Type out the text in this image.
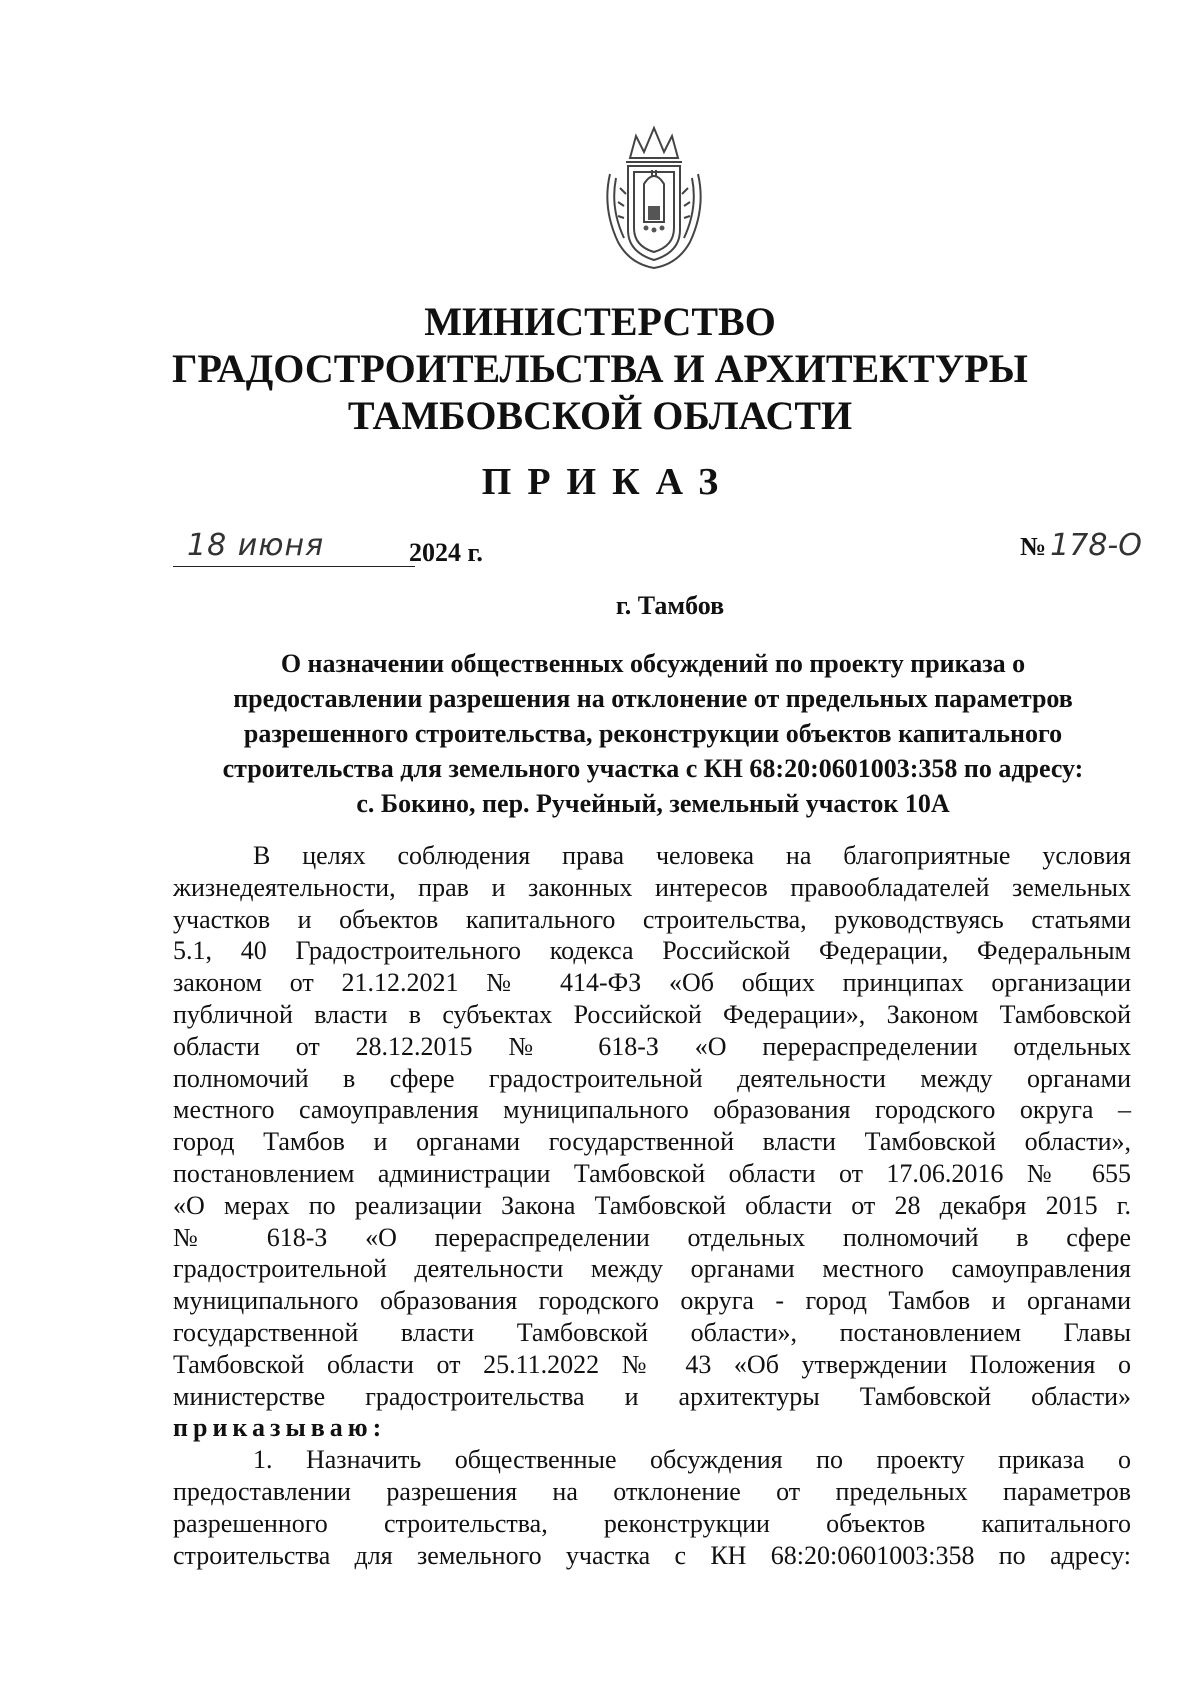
МИНИСТЕРСТВО
ГРАДОСТРОИТЕЛЬСТВА И АРХИТЕКТУРЫ
ТАМБОВСКОЙ ОБЛАСТИ
ПРИКАЗ
18 июня	2024 г.	№ 178-О
г. Тамбов
О назначении общественных обсуждений по проекту приказа о
предоставлении разрешения на отклонение от предельных параметров
разрешенного строительства, реконструкции объектов капитального
строительства для земельного участка с КН 68:20:0601003:358 по адресу:
с. Бокино, пер. Ручейный, земельный участок 10А
В целях соблюдения права человека на благоприятные условия
жизнедеятельности, прав и законных интересов правообладателей земельных
участков и объектов капитального строительства, руководствуясь статьями
5.1, 40 Градостроительного кодекса Российской Федерации, Федеральным
законом от 21.12.2021 № 414-ФЗ «Об общих принципах организации
публичной власти в субъектах Российской Федерации», Законом Тамбовской
области от 28.12.2015 № 618-З «О перераспределении отдельных
полномочий в сфере градостроительной деятельности между органами
местного самоуправления муниципального образования городского округа –
город Тамбов и органами государственной власти Тамбовской области»,
постановлением администрации Тамбовской области от 17.06.2016 № 655
«О мерах по реализации Закона Тамбовской области от 28 декабря 2015 г.
№ 618-З «О перераспределении отдельных полномочий в сфере
градостроительной деятельности между органами местного самоуправления
муниципального образования городского округа - город Тамбов и органами
государственной власти Тамбовской области», постановлением Главы
Тамбовской области от 25.11.2022 № 43 «Об утверждении Положения о
министерстве градостроительства и архитектуры Тамбовской области»
приказываю:
1. Назначить общественные обсуждения по проекту приказа о
предоставлении разрешения на отклонение от предельных параметров
разрешенного строительства, реконструкции объектов капитального
строительства для земельного участка с КН 68:20:0601003:358 по адресу:
